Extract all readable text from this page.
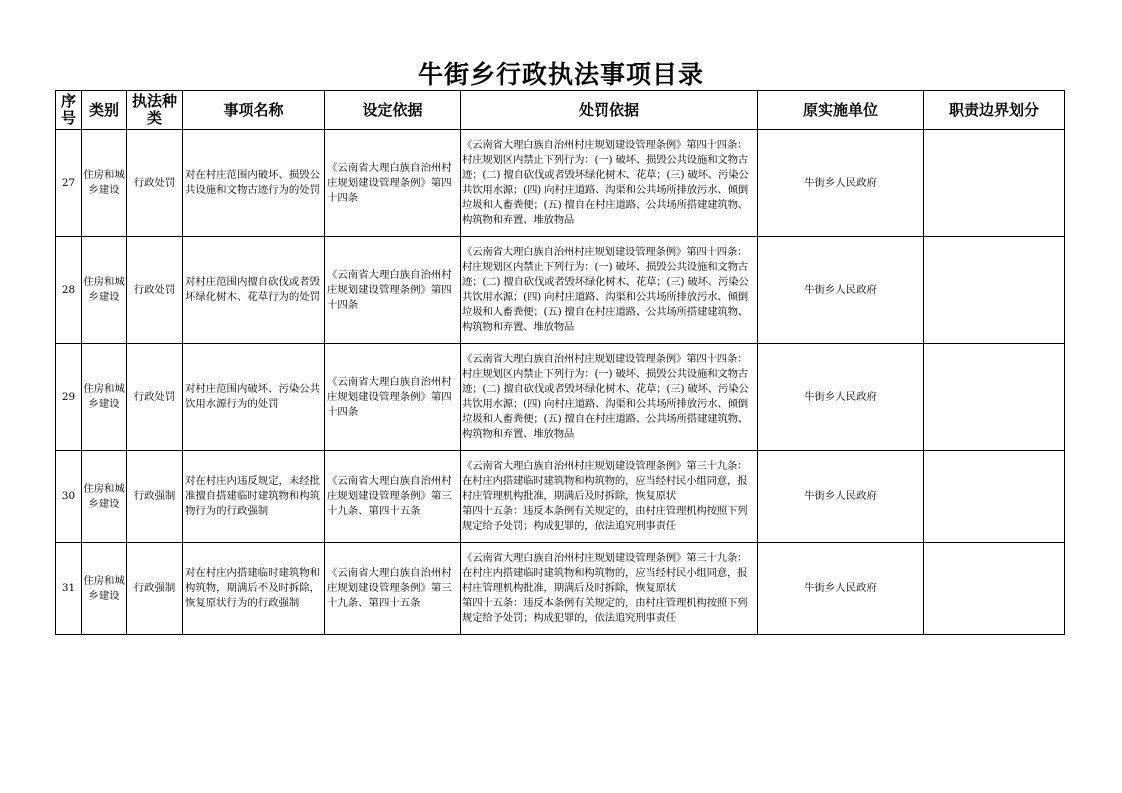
牛街乡行政执法事项目录
序号	类别	执法种类	事项名称	设定依据	处罚依据	原实施单位	职责边界划分
27	住房和城乡建设	行政处罚	对在村庄范围内破坏、损毁公共设施和文物古迹行为的处罚	《云南省大理白族自治州村庄规划建设管理条例》第四十四条	《云南省大理白族自治州村庄规划建设管理条例》第四十四条：村庄规划区内禁止下列行为：(一) 破坏、损毁公共设施和文物古迹；(二) 擅自砍伐或者毁坏绿化树木、花草；(三) 破坏、污染公共饮用水源；(四) 向村庄道路、沟渠和公共场所排放污水、倾倒垃圾和人畜粪便；(五) 擅自在村庄道路、公共场所搭建建筑物、构筑物和弃置、堆放物品	牛街乡人民政府	
28	住房和城乡建设	行政处罚	对村庄范围内擅自砍伐或者毁坏绿化树木、花草行为的处罚	《云南省大理白族自治州村庄规划建设管理条例》第四十四条	《云南省大理白族自治州村庄规划建设管理条例》第四十四条：村庄规划区内禁止下列行为：(一) 破坏、损毁公共设施和文物古迹；(二) 擅自砍伐或者毁坏绿化树木、花草；(三) 破坏、污染公共饮用水源；(四) 向村庄道路、沟渠和公共场所排放污水、倾倒垃圾和人畜粪便；(五) 擅自在村庄道路、公共场所搭建建筑物、构筑物和弃置、堆放物品	牛街乡人民政府	
29	住房和城乡建设	行政处罚	对村庄范围内破坏、污染公共饮用水源行为的处罚	《云南省大理白族自治州村庄规划建设管理条例》第四十四条	《云南省大理白族自治州村庄规划建设管理条例》第四十四条：村庄规划区内禁止下列行为：(一) 破坏、损毁公共设施和文物古迹；(二) 擅自砍伐或者毁坏绿化树木、花草；(三) 破坏、污染公共饮用水源；(四) 向村庄道路、沟渠和公共场所排放污水、倾倒垃圾和人畜粪便；(五) 擅自在村庄道路、公共场所搭建建筑物、构筑物和弃置、堆放物品	牛街乡人民政府	
30	住房和城乡建设	行政强制	对在村庄内违反规定，未经批准擅自搭建临时建筑物和构筑物行为的行政强制	《云南省大理白族自治州村庄规划建设管理条例》第三十九条、第四十五条	《云南省大理白族自治州村庄规划建设管理条例》第三十九条：在村庄内搭建临时建筑物和构筑物的，应当经村民小组同意，报村庄管理机构批准，期满后及时拆除，恢复原状
第四十五条：违反本条例有关规定的，由村庄管理机构按照下列规定给予处罚；构成犯罪的，依法追究刑事责任	牛街乡人民政府	
31	住房和城乡建设	行政强制	对在村庄内搭建临时建筑物和构筑物，期满后不及时拆除，恢复原状行为的行政强制	《云南省大理白族自治州村庄规划建设管理条例》第三十九条、第四十五条	《云南省大理白族自治州村庄规划建设管理条例》第三十九条：在村庄内搭建临时建筑物和构筑物的，应当经村民小组同意，报村庄管理机构批准，期满后及时拆除，恢复原状
第四十五条：违反本条例有关规定的，由村庄管理机构按照下列规定给予处罚；构成犯罪的，依法追究刑事责任	牛街乡人民政府	
